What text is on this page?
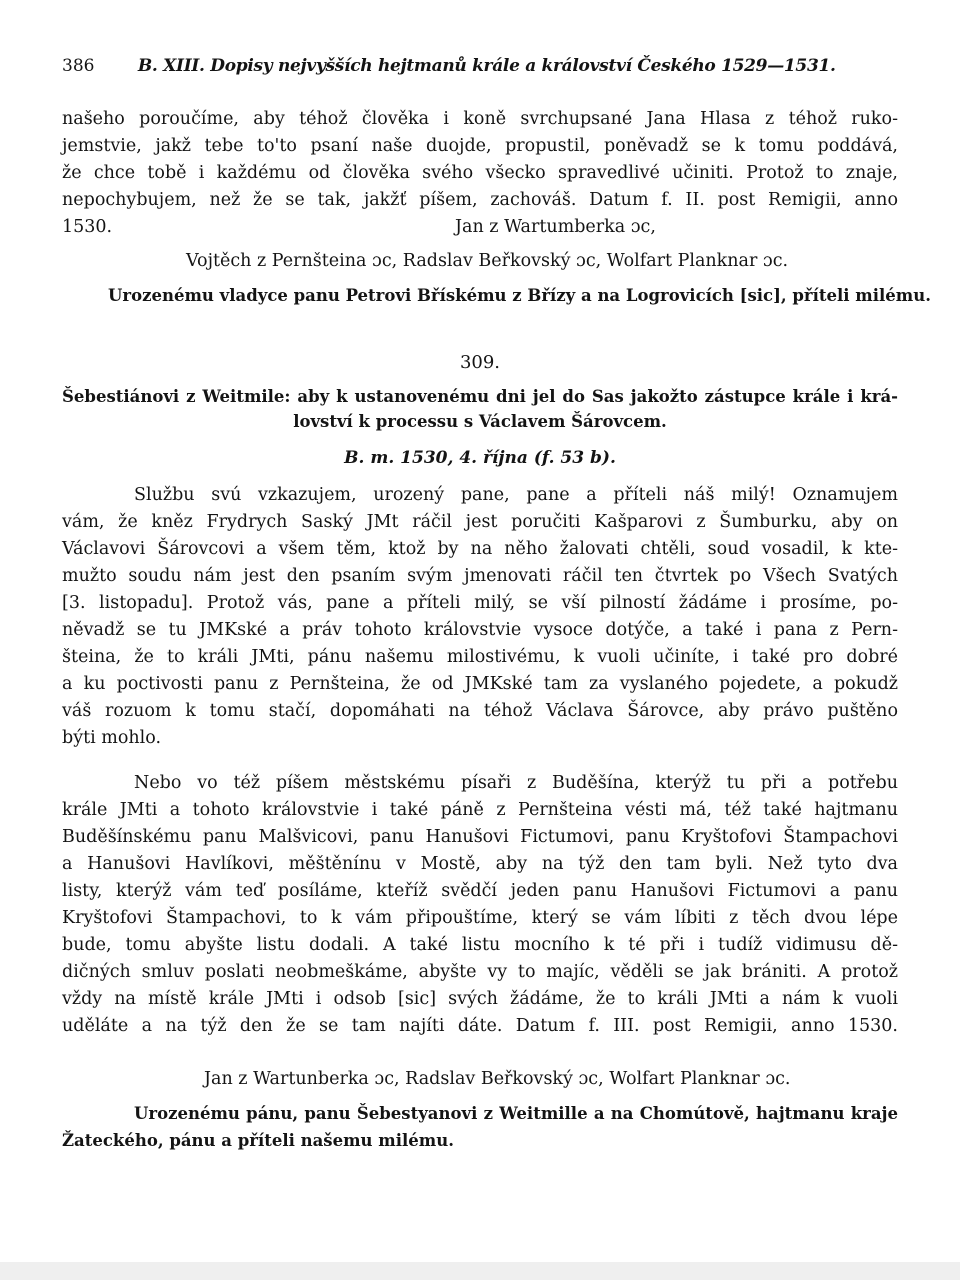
386	B. XIII. Dopisy nejvyšších hejtmanů krále a království Českého 1529—1531.
našeho poroučíme, aby téhož člověka i koně svrchupsané Jana Hlasa z téhož ruko-
jemstvie, jakž tebe to'to psaní naše duojde, propustil, poněvadž se k tomu poddává,
že chce tobě i každému od člověka svého všecko spravedlivé učiniti. Protož to znaje,
nepochybujem, než že se tak, jakžť píšem, zachováš. Datum f. II. post Remigii, anno
1530.	Jan z Wartumberka ɔc,
Vojtěch z Pernšteina ɔc, Radslav Beřkovský ɔc, Wolfart Planknar ɔc.
Urozenému vladyce panu Petrovi Břískému z Břízy a na Logrovicích [sic], příteli milému.
309.
Šebestiánovi z Weitmile: aby k ustanovenému dni jel do Sas jakožto zástupce krále i krá-
lovství k processu s Václavem Šárovcem.
B. m. 1530, 4. října (f. 53 b).
Službu svú vzkazujem, urozený pane, pane a příteli náš milý! Oznamujem
vám, že kněz Frydrych Saský JMt ráčil jest poručiti Kašparovi z Šumburku, aby on
Václavovi Šárovcovi a všem těm, ktož by na něho žalovati chtěli, soud vosadil, k kte-
mužto soudu nám jest den psaním svým jmenovati ráčil ten čtvrtek po Všech Svatých
[3. listopadu]. Protož vás, pane a příteli milý, se vší pilností žádáme i prosíme, po-
něvadž se tu JMKské a práv tohoto královstvie vysoce dotýče, a také i pana z Pern-
šteina, že to králi JMti, pánu našemu milostivému, k vuoli učiníte, i také pro dobré
a ku poctivosti panu z Pernšteina, že od JMKské tam za vyslaného pojedete, a pokudž
váš rozuom k tomu stačí, dopomáhati na téhož Václava Šárovce, aby právo puštěno
býti mohlo.
Nebo vo též píšem městskému písaři z Buděšína, kterýž tu při a potřebu
krále JMti a tohoto královstvie i také páně z Pernšteina vésti má, též také hajtmanu
Buděšínskému panu Malšvicovi, panu Hanušovi Fictumovi, panu Kryštofovi Štampachovi
a Hanušovi Havlíkovi, měštěnínu v Mostě, aby na týž den tam byli. Než tyto dva
listy, kterýž vám teď posíláme, kteříž svědčí jeden panu Hanušovi Fictumovi a panu
Kryštofovi Štampachovi, to k vám připouštíme, který se vám líbiti z těch dvou lépe
bude, tomu abyšte listu dodali. A také listu mocního k té při i tudíž vidimusu dě-
dičných smluv poslati neobmeškáme, abyšte vy to majíc, věděli se jak brániti. A protož
vždy na místě krále JMti i odsob [sic] svých žádáme, že to králi JMti a nám k vuoli
uděláte a na týž den že se tam najíti dáte. Datum f. III. post Remigii, anno 1530.
Jan z Wartunberka ɔc, Radslav Beřkovský ɔc, Wolfart Planknar ɔc.
Urozenému pánu, panu Šebestyanovi z Weitmille a na Chomútově, hajtmanu kraje
Žateckého, pánu a příteli našemu milému.
